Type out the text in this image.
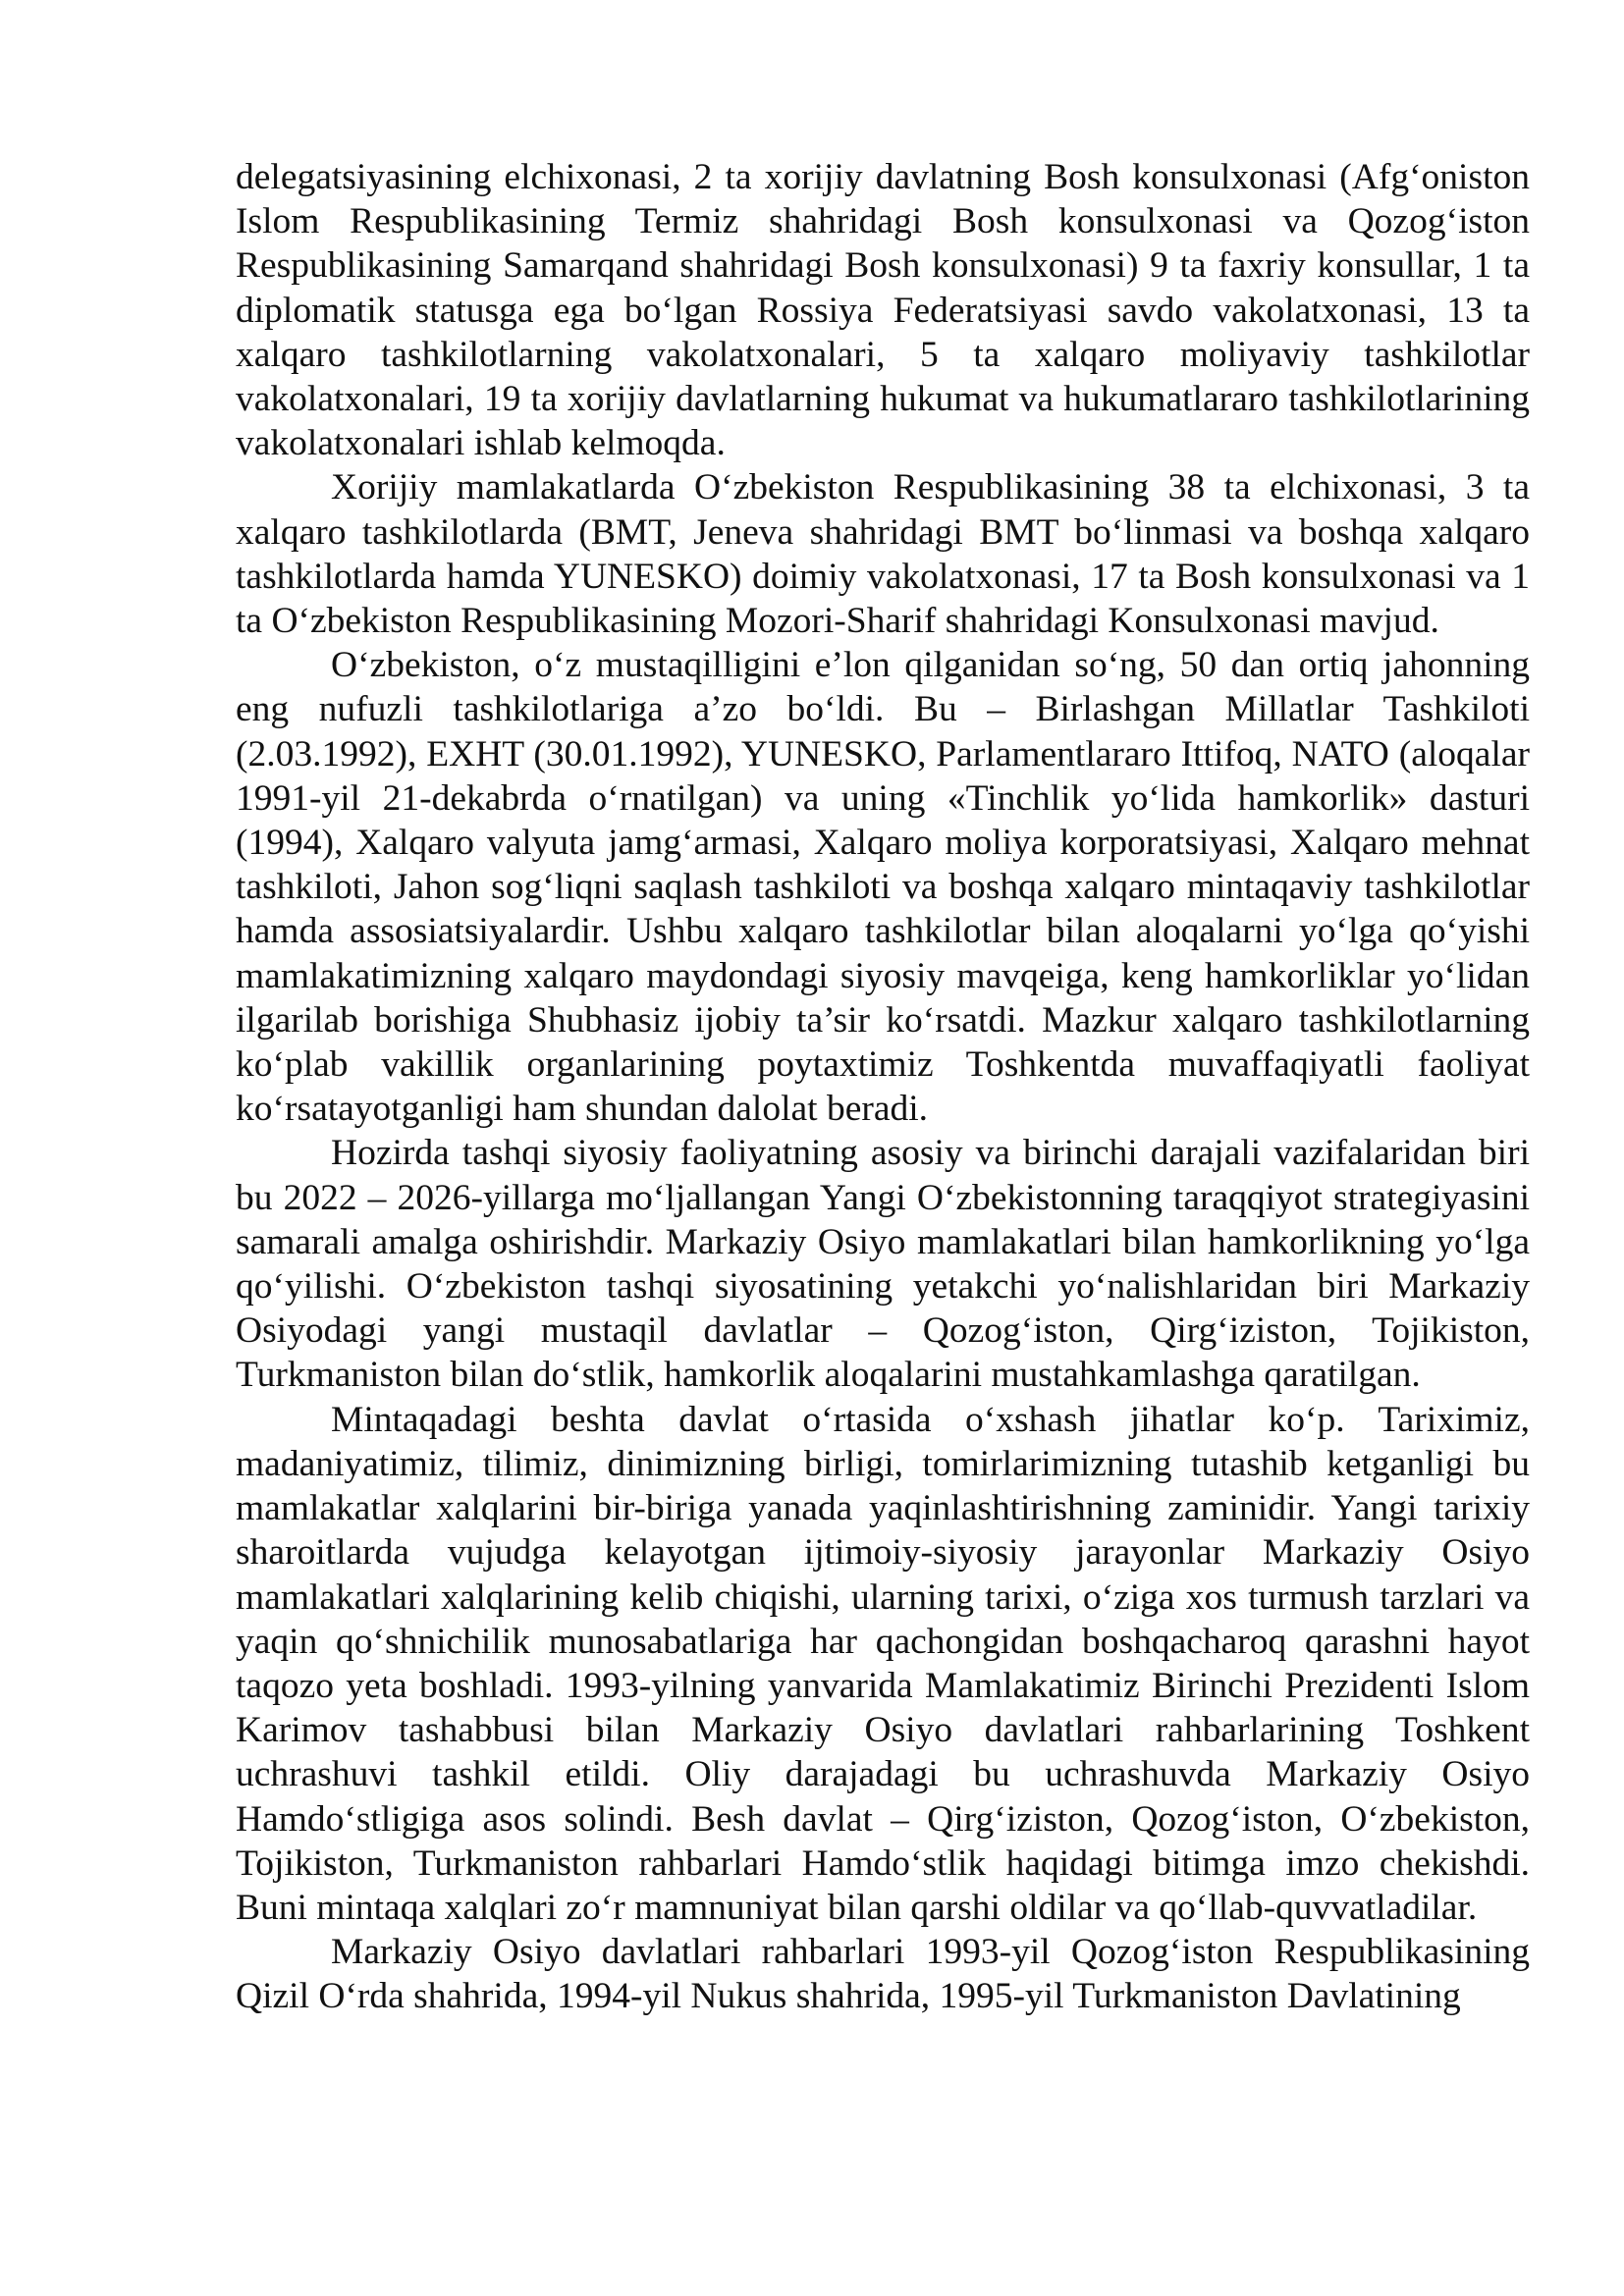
delegatsiyasining elchixonasi, 2 ta xorijiy davlatning Bosh konsulxonasi (Afgʻoniston Islom Respublikasining Termiz shahridagi Bosh konsulxonasi va Qozogʻiston Respublikasining Samarqand shahridagi Bosh konsulxonasi) 9 ta faxriy konsullar, 1 ta diplomatik statusga ega boʻlgan Rossiya Federatsiyasi savdo vakolatxonasi, 13 ta xalqaro tashkilotlarning vakolatxonalari, 5 ta xalqaro moliyaviy tashkilotlar vakolatxonalari, 19 ta xorijiy davlatlarning hukumat va hukumatlararo tashkilotlarining vakolatxonalari ishlab kelmoqda.

Xorijiy mamlakatlarda Oʻzbekiston Respublikasining 38 ta elchixonasi, 3 ta xalqaro tashkilotlarda (BMT, Jeneva shahridagi BMT boʻlinmasi va boshqa xalqaro tashkilotlarda hamda YUNESKO) doimiy vakolatxonasi, 17 ta Bosh konsulxonasi va 1 ta Oʻzbekiston Respublikasining Mozori-Sharif shahridagi Konsulxonasi mavjud.

Oʻzbekiston, oʻz mustaqilligini e’lon qilganidan soʻng, 50 dan ortiq jahonning eng nufuzli tashkilotlariga a’zo boʻldi. Bu – Birlashgan Millatlar Tashkiloti (2.03.1992), EXHT (30.01.1992), YUNESKO, Parlamentlararo Ittifoq, NATO (aloqalar 1991-yil 21-dekabrda oʻrnatilgan) va uning «Tinchlik yoʻlida hamkorlik» dasturi (1994), Xalqaro valyuta jamgʻarmasi, Xalqaro moliya korporatsiyasi, Xalqaro mehnat tashkiloti, Jahon sogʻliqni saqlash tashkiloti va boshqa xalqaro mintaqaviy tashkilotlar hamda assosiatsiyalardir. Ushbu xalqaro tashkilotlar bilan aloqalarni yoʻlga qoʻyishi mamlakatimizning xalqaro maydondagi siyosiy mavqeiga, keng hamkorliklar yoʻlidan ilgarilab borishiga Shubhasiz ijobiy ta’sir koʻrsatdi. Mazkur xalqaro tashkilotlarning koʻplab vakillik organlarining poytaxtimiz Toshkentda muvaffaqiyatli faoliyat koʻrsatayotganligi ham shundan dalolat beradi.

Hozirda tashqi siyosiy faoliyatning asosiy va birinchi darajali vazifalaridan biri bu 2022 – 2026-yillarga moʻljallangan Yangi Oʻzbekistonning taraqqiyot strategiyasini samarali amalga oshirishdir. Markaziy Osiyo mamlakatlari bilan hamkorlikning yoʻlga qoʻyilishi. Oʻzbekiston tashqi siyosatining yetakchi yoʻnalishlaridan biri Markaziy Osiyodagi yangi mustaqil davlatlar – Qozogʻiston, Qirgʻiziston, Tojikiston, Turkmaniston bilan doʻstlik, hamkorlik aloqalarini mustahkamlashga qaratilgan.

Mintaqadagi beshta davlat oʻrtasida oʻxshash jihatlar koʻp. Tariximiz, madaniyatimiz, tilimiz, dinimizning birligi, tomirlarimizning tutashib ketganligi bu mamlakatlar xalqlarini bir-biriga yanada yaqinlashtirishning zaminidir. Yangi tarixiy sharoitlarda vujudga kelayotgan ijtimoiy-siyosiy jarayonlar Markaziy Osiyo mamlakatlari xalqlarining kelib chiqishi, ularning tarixi, oʻziga xos turmush tarzlari va yaqin qoʻshnichilik munosabatlariga har qachongidan boshqacharoq qarashni hayot taqozo yeta boshladi. 1993-yilning yanvarida Mamlakatimiz Birinchi Prezidenti Islom Karimov tashabbusi bilan Markaziy Osiyo davlatlari rahbarlarining Toshkent uchrashuvi tashkil etildi. Oliy darajadagi bu uchrashuvda Markaziy Osiyo Hamdoʻstligiga asos solindi. Besh davlat – Qirgʻiziston, Qozogʻiston, Oʻzbekiston, Tojikiston, Turkmaniston rahbarlari Hamdoʻstlik haqidagi bitimga imzo chekishdi. Buni mintaqa xalqlari zoʻr mamnuniyat bilan qarshi oldilar va qoʻllab-quvvatladilar.

Markaziy Osiyo davlatlari rahbarlari 1993-yil Qozogʻiston Respublikasining Qizil Oʻrda shahrida, 1994-yil Nukus shahrida, 1995-yil Turkmaniston Davlatining
